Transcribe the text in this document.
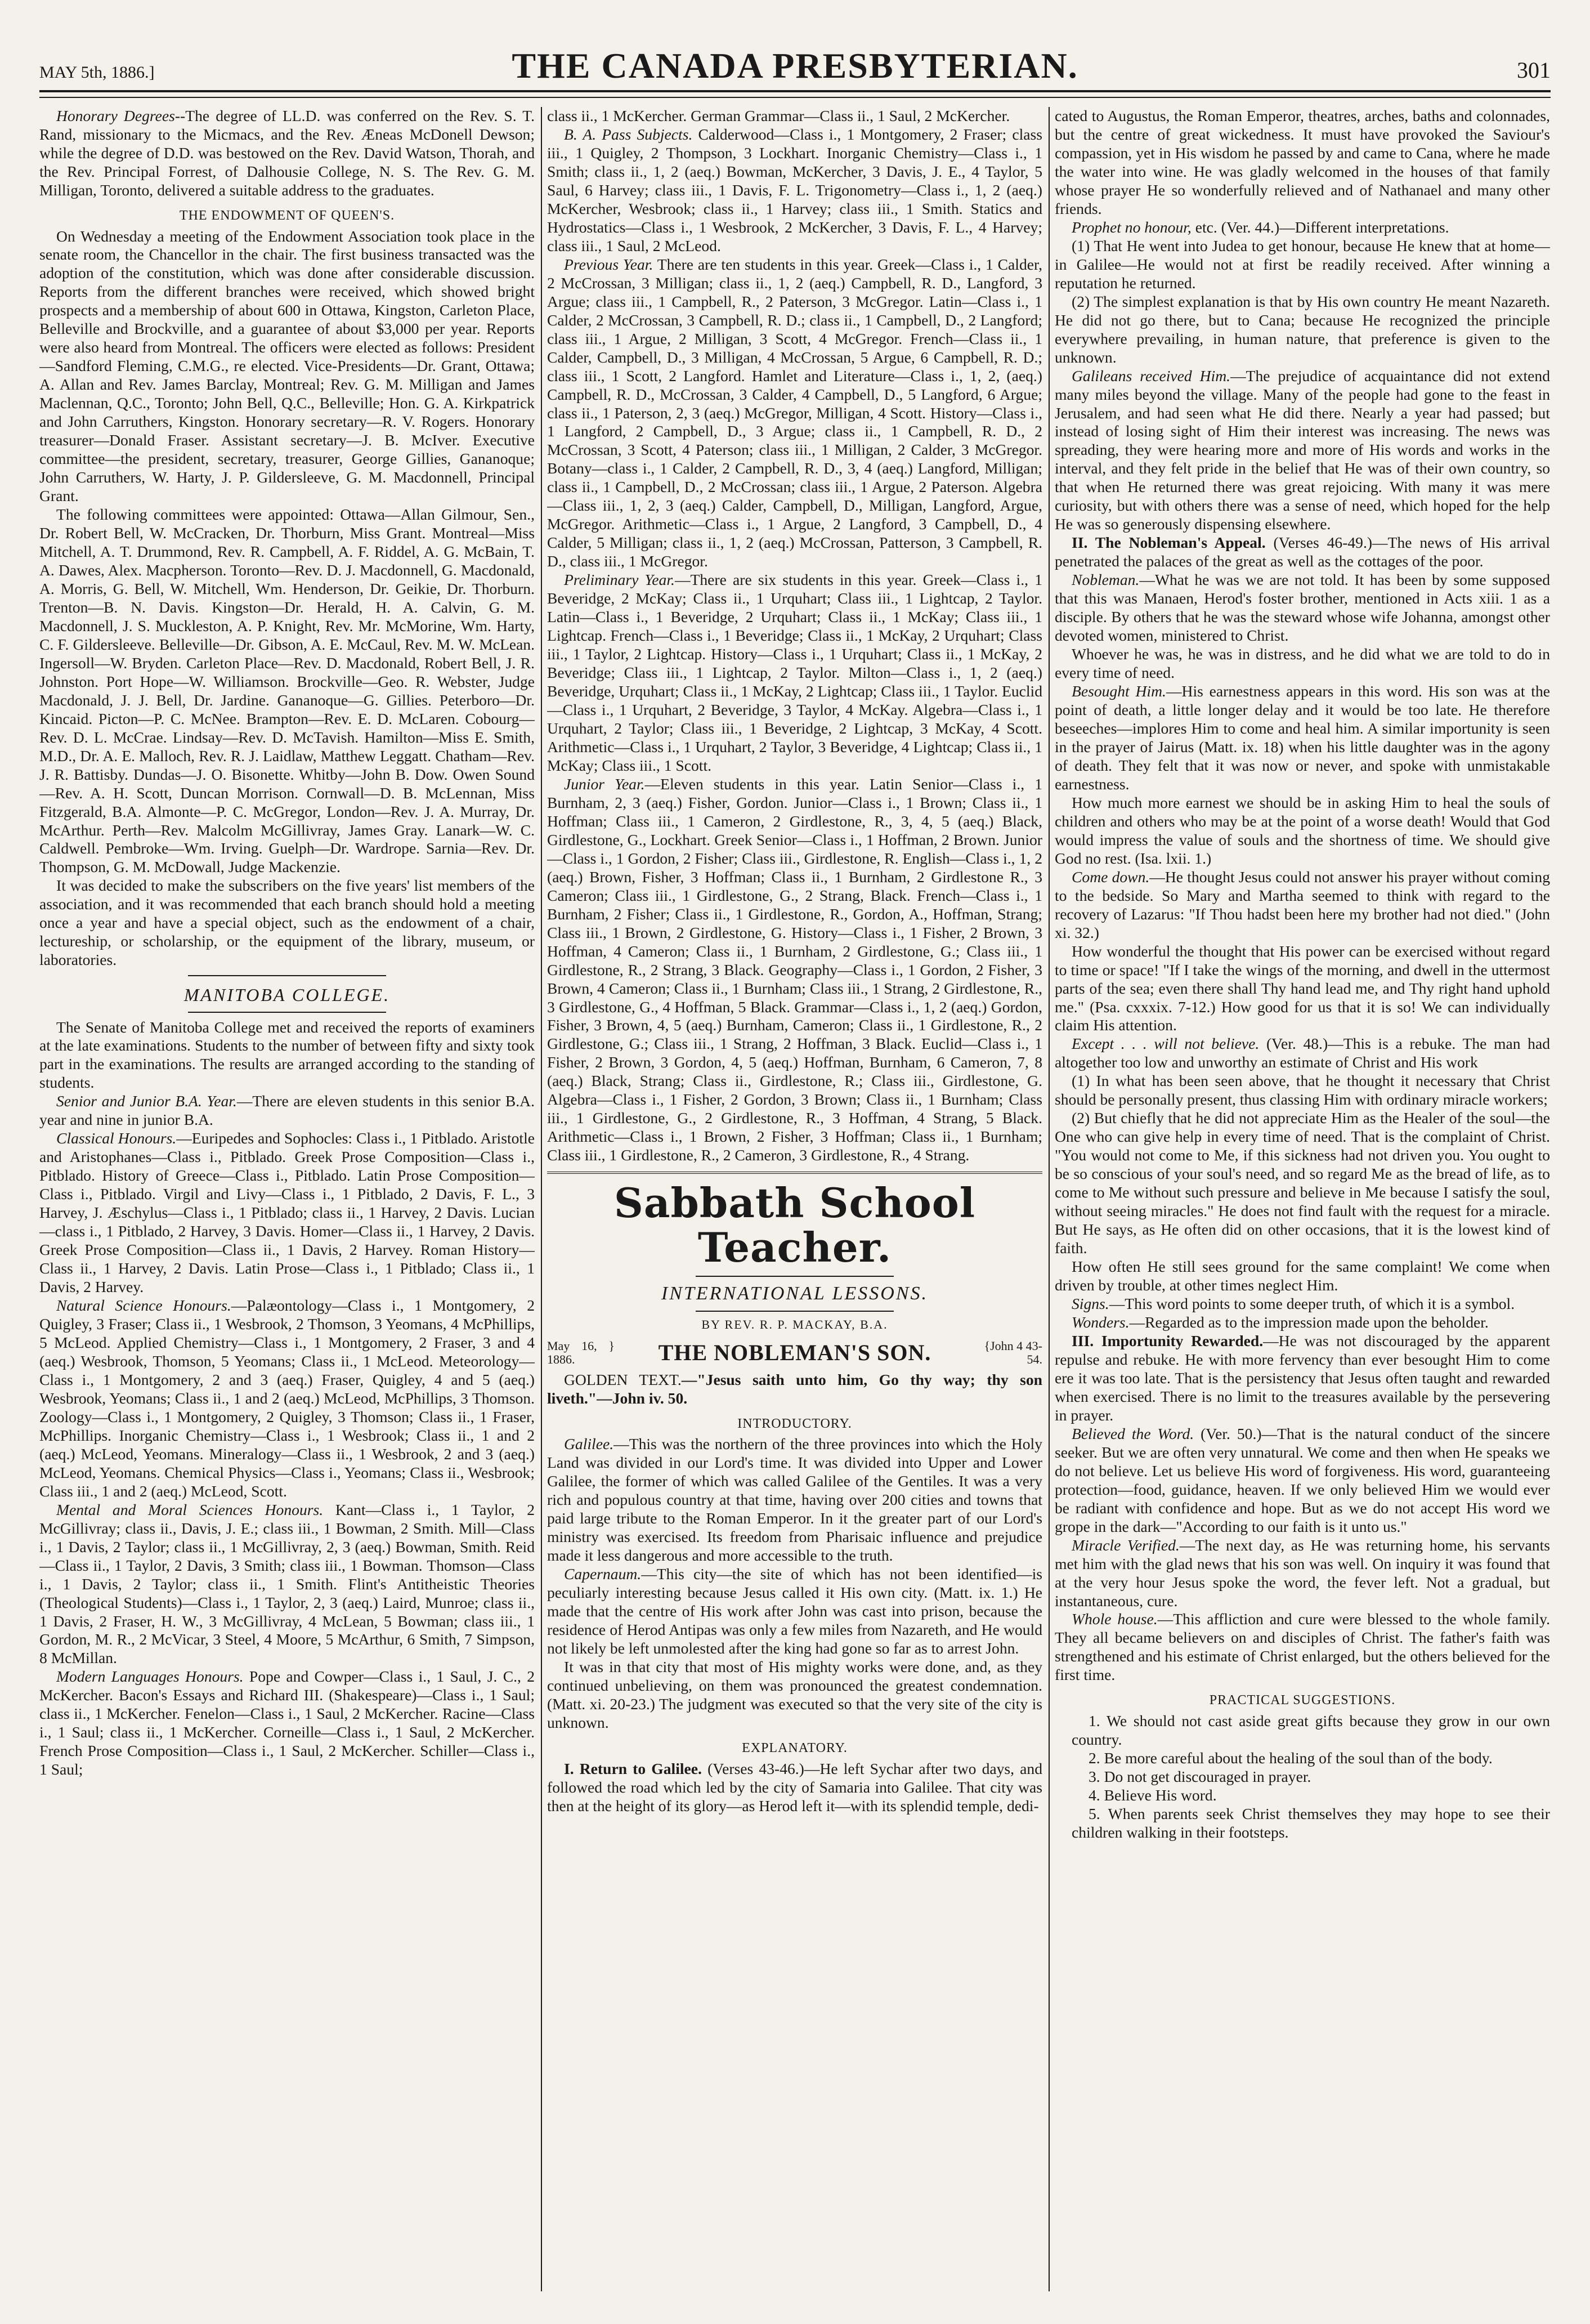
MAY 5th, 1886.]	THE CANADA PRESBYTERIAN.	301

Honorary Degrees--The degree of LL.D. was conferred on the Rev. S. T. Rand, missionary to the Micmacs, and the Rev. Æneas McDonell Dewson; while the degree of D.D. was bestowed on the Rev. David Watson, Thorah, and the Rev. Principal Forrest, of Dalhousie College, N. S. The Rev. G. M. Milligan, Toronto, delivered a suitable address to the graduates.

THE ENDOWMENT OF QUEEN'S.

On Wednesday a meeting of the Endowment Association took place in the senate room, the Chancellor in the chair. The first business transacted was the adoption of the constitution, which was done after considerable discussion. Reports from the different branches were received, which showed bright prospects and a membership of about 600 in Ottawa, Kingston, Carleton Place, Belleville and Brockville, and a guarantee of about $3,000 per year. Reports were also heard from Montreal. The officers were elected as follows: President—Sandford Fleming, C.M.G., re elected. Vice-Presidents—Dr. Grant, Ottawa; A. Allan and Rev. James Barclay, Montreal; Rev. G. M. Milligan and James Maclennan, Q.C., Toronto; John Bell, Q.C., Belleville; Hon. G. A. Kirkpatrick and John Carruthers, Kingston. Honorary secretary—R. V. Rogers. Honorary treasurer—Donald Fraser. Assistant secretary—J. B. McIver. Executive committee—the president, secretary, treasurer, George Gillies, Gananoque; John Carruthers, W. Harty, J. P. Gildersleeve, G. M. Macdonnell, Principal Grant.

The following committees were appointed: Ottawa—Allan Gilmour, Sen., Dr. Robert Bell, W. McCracken, Dr. Thorburn, Miss Grant. Montreal—Miss Mitchell, A. T. Drummond, Rev. R. Campbell, A. F. Riddel, A. G. McBain, T. A. Dawes, Alex. Macpherson. Toronto—Rev. D. J. Macdonnell, G. Macdonald, A. Morris, G. Bell, W. Mitchell, Wm. Henderson, Dr. Geikie, Dr. Thorburn. Trenton—B. N. Davis. Kingston—Dr. Herald, H. A. Calvin, G. M. Macdonnell, J. S. Muckleston, A. P. Knight, Rev. Mr. McMorine, Wm. Harty, C. F. Gildersleeve. Belleville—Dr. Gibson, A. E. McCaul, Rev. M. W. McLean. Ingersoll—W. Bryden. Carleton Place—Rev. D. Macdonald, Robert Bell, J. R. Johnston. Port Hope—W. Williamson. Brockville—Geo. R. Webster, Judge Macdonald, J. J. Bell, Dr. Jardine. Gananoque—G. Gillies. Peterboro—Dr. Kincaid. Picton—P. C. McNee. Brampton—Rev. E. D. McLaren. Cobourg—Rev. D. L. McCrae. Lindsay—Rev. D. McTavish. Hamilton—Miss E. Smith, M.D., Dr. A. E. Malloch, Rev. R. J. Laidlaw, Matthew Leggatt. Chatham—Rev. J. R. Battisby. Dundas—J. O. Bisonette. Whitby—John B. Dow. Owen Sound—Rev. A. H. Scott, Duncan Morrison. Cornwall—D. B. McLennan, Miss Fitzgerald, B.A. Almonte—P. C. McGregor, London—Rev. J. A. Murray, Dr. McArthur. Perth—Rev. Malcolm McGillivray, James Gray. Lanark—W. C. Caldwell. Pembroke—Wm. Irving. Guelph—Dr. Wardrope. Sarnia—Rev. Dr. Thompson, G. M. McDowall, Judge Mackenzie.

It was decided to make the subscribers on the five years' list members of the association, and it was recommended that each branch should hold a meeting once a year and have a special object, such as the endowment of a chair, lectureship, or scholarship, or the equipment of the library, museum, or laboratories.

MANITOBA COLLEGE.

The Senate of Manitoba College met and received the reports of examiners at the late examinations. Students to the number of between fifty and sixty took part in the examinations. The results are arranged according to the standing of students.

Senior and Junior B.A. Year.—There are eleven students in this senior B.A. year and nine in junior B.A.

Classical Honours.—Euripedes and Sophocles: Class i., 1 Pitblado. Aristotle and Aristophanes—Class i., Pitblado. Greek Prose Composition—Class i., Pitblado. History of Greece—Class i., Pitblado. Latin Prose Composition—Class i., Pitblado. Virgil and Livy—Class i., 1 Pitblado, 2 Davis, F. L., 3 Harvey, J. Æschylus—Class i., 1 Pitblado; class ii., 1 Harvey, 2 Davis. Lucian—class i., 1 Pitblado, 2 Harvey, 3 Davis. Homer—Class ii., 1 Harvey, 2 Davis. Greek Prose Composition—Class ii., 1 Davis, 2 Harvey. Roman History—Class ii., 1 Harvey, 2 Davis. Latin Prose—Class i., 1 Pitblado; Class ii., 1 Davis, 2 Harvey.

Natural Science Honours.—Palæontology—Class i., 1 Montgomery, 2 Quigley, 3 Fraser; Class ii., 1 Wesbrook, 2 Thomson, 3 Yeomans, 4 McPhillips, 5 McLeod. Applied Chemistry—Class i., 1 Montgomery, 2 Fraser, 3 and 4 (aeq.) Wesbrook, Thomson, 5 Yeomans; Class ii., 1 McLeod. Meteorology—Class i., 1 Montgomery, 2 and 3 (aeq.) Fraser, Quigley, 4 and 5 (aeq.) Wesbrook, Yeomans; Class ii., 1 and 2 (aeq.) McLeod, McPhillips, 3 Thomson. Zoology—Class i., 1 Montgomery, 2 Quigley, 3 Thomson; Class ii., 1 Fraser, McPhillips. Inorganic Chemistry—Class i., 1 Wesbrook; Class ii., 1 and 2 (aeq.) McLeod, Yeomans. Mineralogy—Class ii., 1 Wesbrook, 2 and 3 (aeq.) McLeod, Yeomans. Chemical Physics—Class i., Yeomans; Class ii., Wesbrook; Class iii., 1 and 2 (aeq.) McLeod, Scott.

Mental and Moral Sciences Honours. Kant—Class i., 1 Taylor, 2 McGillivray; class ii., Davis, J. E.; class iii., 1 Bowman, 2 Smith. Mill—Class i., 1 Davis, 2 Taylor; class ii., 1 McGillivray, 2, 3 (aeq.) Bowman, Smith. Reid—Class ii., 1 Taylor, 2 Davis, 3 Smith; class iii., 1 Bowman. Thomson—Class i., 1 Davis, 2 Taylor; class ii., 1 Smith. Flint's Antitheistic Theories (Theological Students)—Class i., 1 Taylor, 2, 3 (aeq.) Laird, Munroe; class ii., 1 Davis, 2 Fraser, H. W., 3 McGillivray, 4 McLean, 5 Bowman; class iii., 1 Gordon, M. R., 2 McVicar, 3 Steel, 4 Moore, 5 McArthur, 6 Smith, 7 Simpson, 8 McMillan.

Modern Languages Honours. Pope and Cowper—Class i., 1 Saul, J. C., 2 McKercher. Bacon's Essays and Richard III. (Shakespeare)—Class i., 1 Saul; class ii., 1 McKercher. Fenelon—Class i., 1 Saul, 2 McKercher. Racine—Class i., 1 Saul; class ii., 1 McKercher. Corneille—Class i., 1 Saul, 2 McKercher. French Prose Composition—Class i., 1 Saul, 2 McKercher. Schiller—Class i., 1 Saul;

class ii., 1 McKercher. German Grammar—Class ii., 1 Saul, 2 McKercher.

B. A. Pass Subjects. Calderwood—Class i., 1 Montgomery, 2 Fraser; class iii., 1 Quigley, 2 Thompson, 3 Lockhart. Inorganic Chemistry—Class i., 1 Smith; class ii., 1, 2 (aeq.) Bowman, McKercher, 3 Davis, J. E., 4 Taylor, 5 Saul, 6 Harvey; class iii., 1 Davis, F. L. Trigonometry—Class i., 1, 2 (aeq.) McKercher, Wesbrook; class ii., 1 Harvey; class iii., 1 Smith. Statics and Hydrostatics—Class i., 1 Wesbrook, 2 McKercher, 3 Davis, F. L., 4 Harvey; class iii., 1 Saul, 2 McLeod.

Previous Year. There are ten students in this year. Greek—Class i., 1 Calder, 2 McCrossan, 3 Milligan; class ii., 1, 2 (aeq.) Campbell, R. D., Langford, 3 Argue; class iii., 1 Campbell, R., 2 Paterson, 3 McGregor. Latin—Class i., 1 Calder, 2 McCrossan, 3 Campbell, R. D.; class ii., 1 Campbell, D., 2 Langford; class iii., 1 Argue, 2 Milligan, 3 Scott, 4 McGregor. French—Class ii., 1 Calder, Campbell, D., 3 Milligan, 4 McCrossan, 5 Argue, 6 Campbell, R. D.; class iii., 1 Scott, 2 Langford. Hamlet and Literature—Class i., 1, 2, (aeq.) Campbell, R. D., McCrossan, 3 Calder, 4 Campbell, D., 5 Langford, 6 Argue; class ii., 1 Paterson, 2, 3 (aeq.) McGregor, Milligan, 4 Scott. History—Class i., 1 Langford, 2 Campbell, D., 3 Argue; class ii., 1 Campbell, R. D., 2 McCrossan, 3 Scott, 4 Paterson; class iii., 1 Milligan, 2 Calder, 3 McGregor. Botany—class i., 1 Calder, 2 Campbell, R. D., 3, 4 (aeq.) Langford, Milligan; class ii., 1 Campbell, D., 2 McCrossan; class iii., 1 Argue, 2 Paterson. Algebra—Class iii., 1, 2, 3 (aeq.) Calder, Campbell, D., Milligan, Langford, Argue, McGregor. Arithmetic—Class i., 1 Argue, 2 Langford, 3 Campbell, D., 4 Calder, 5 Milligan; class ii., 1, 2 (aeq.) McCrossan, Patterson, 3 Campbell, R. D., class iii., 1 McGregor.

Preliminary Year.—There are six students in this year. Greek—Class i., 1 Beveridge, 2 McKay; Class ii., 1 Urquhart; Class iii., 1 Lightcap, 2 Taylor. Latin—Class i., 1 Beveridge, 2 Urquhart; Class ii., 1 McKay; Class iii., 1 Lightcap. French—Class i., 1 Beveridge; Class ii., 1 McKay, 2 Urquhart; Class iii., 1 Taylor, 2 Lightcap. History—Class i., 1 Urquhart; Class ii., 1 McKay, 2 Beveridge; Class iii., 1 Lightcap, 2 Taylor. Milton—Class i., 1, 2 (aeq.) Beveridge, Urquhart; Class ii., 1 McKay, 2 Lightcap; Class iii., 1 Taylor. Euclid—Class i., 1 Urquhart, 2 Beveridge, 3 Taylor, 4 McKay. Algebra—Class i., 1 Urquhart, 2 Taylor; Class iii., 1 Beveridge, 2 Lightcap, 3 McKay, 4 Scott. Arithmetic—Class i., 1 Urquhart, 2 Taylor, 3 Beveridge, 4 Lightcap; Class ii., 1 McKay; Class iii., 1 Scott.

Junior Year.—Eleven students in this year. Latin Senior—Class i., 1 Burnham, 2, 3 (aeq.) Fisher, Gordon. Junior—Class i., 1 Brown; Class ii., 1 Hoffman; Class iii., 1 Cameron, 2 Girdlestone, R., 3, 4, 5 (aeq.) Black, Girdlestone, G., Lockhart. Greek Senior—Class i., 1 Hoffman, 2 Brown. Junior—Class i., 1 Gordon, 2 Fisher; Class iii., Girdlestone, R. English—Class i., 1, 2 (aeq.) Brown, Fisher, 3 Hoffman; Class ii., 1 Burnham, 2 Girdlestone R., 3 Cameron; Class iii., 1 Girdlestone, G., 2 Strang, Black. French—Class i., 1 Burnham, 2 Fisher; Class ii., 1 Girdlestone, R., Gordon, A., Hoffman, Strang; Class iii., 1 Brown, 2 Girdlestone, G. History—Class i., 1 Fisher, 2 Brown, 3 Hoffman, 4 Cameron; Class ii., 1 Burnham, 2 Girdlestone, G.; Class iii., 1 Girdlestone, R., 2 Strang, 3 Black. Geography—Class i., 1 Gordon, 2 Fisher, 3 Brown, 4 Cameron; Class ii., 1 Burnham; Class iii., 1 Strang, 2 Girdlestone, R., 3 Girdlestone, G., 4 Hoffman, 5 Black. Grammar—Class i., 1, 2 (aeq.) Gordon, Fisher, 3 Brown, 4, 5 (aeq.) Burnham, Cameron; Class ii., 1 Girdlestone, R., 2 Girdlestone, G.; Class iii., 1 Strang, 2 Hoffman, 3 Black. Euclid—Class i., 1 Fisher, 2 Brown, 3 Gordon, 4, 5 (aeq.) Hoffman, Burnham, 6 Cameron, 7, 8 (aeq.) Black, Strang; Class ii., Girdlestone, R.; Class iii., Girdlestone, G. Algebra—Class i., 1 Fisher, 2 Gordon, 3 Brown; Class ii., 1 Burnham; Class iii., 1 Girdlestone, G., 2 Girdlestone, R., 3 Hoffman, 4 Strang, 5 Black. Arithmetic—Class i., 1 Brown, 2 Fisher, 3 Hoffman; Class ii., 1 Burnham; Class iii., 1 Girdlestone, R., 2 Cameron, 3 Girdlestone, R., 4 Strang.

Sabbath School Teacher.
INTERNATIONAL LESSONS.
BY REV. R. P. MACKAY, B.A.
May 16, } 1886.	THE NOBLEMAN'S SON.	{John 4 43-54.

GOLDEN TEXT.—"Jesus saith unto him, Go thy way; thy son liveth."—John iv. 50.

INTRODUCTORY.

Galilee.—This was the northern of the three provinces into which the Holy Land was divided in our Lord's time. It was divided into Upper and Lower Galilee, the former of which was called Galilee of the Gentiles. It was a very rich and populous country at that time, having over 200 cities and towns that paid large tribute to the Roman Emperor. In it the greater part of our Lord's ministry was exercised. Its freedom from Pharisaic influence and prejudice made it less dangerous and more accessible to the truth.

Capernaum.—This city—the site of which has not been identified—is peculiarly interesting because Jesus called it His own city. (Matt. ix. 1.) He made that the centre of His work after John was cast into prison, because the residence of Herod Antipas was only a few miles from Nazareth, and He would not likely be left unmolested after the king had gone so far as to arrest John.

It was in that city that most of His mighty works were done, and, as they continued unbelieving, on them was pronounced the greatest condemnation. (Matt. xi. 20-23.) The judgment was executed so that the very site of the city is unknown.

EXPLANATORY.

I. Return to Galilee. (Verses 43-46.)—He left Sychar after two days, and followed the road which led by the city of Samaria into Galilee. That city was then at the height of its glory—as Herod left it—with its splendid temple, dedi-

cated to Augustus, the Roman Emperor, theatres, arches, baths and colonnades, but the centre of great wickedness. It must have provoked the Saviour's compassion, yet in His wisdom he passed by and came to Cana, where he made the water into wine. He was gladly welcomed in the houses of that family whose prayer He so wonderfully relieved and of Nathanael and many other friends.

Prophet no honour, etc. (Ver. 44.)—Different interpretations.

(1) That He went into Judea to get honour, because He knew that at home—in Galilee—He would not at first be readily received. After winning a reputation he returned.

(2) The simplest explanation is that by His own country He meant Nazareth. He did not go there, but to Cana; because He recognized the principle everywhere prevailing, in human nature, that preference is given to the unknown.

Galileans received Him.—The prejudice of acquaintance did not extend many miles beyond the village. Many of the people had gone to the feast in Jerusalem, and had seen what He did there. Nearly a year had passed; but instead of losing sight of Him their interest was increasing. The news was spreading, they were hearing more and more of His words and works in the interval, and they felt pride in the belief that He was of their own country, so that when He returned there was great rejoicing. With many it was mere curiosity, but with others there was a sense of need, which hoped for the help He was so generously dispensing elsewhere.

II. The Nobleman's Appeal. (Verses 46-49.)—The news of His arrival penetrated the palaces of the great as well as the cottages of the poor.

Nobleman.—What he was we are not told. It has been by some supposed that this was Manaen, Herod's foster brother, mentioned in Acts xiii. 1 as a disciple. By others that he was the steward whose wife Johanna, amongst other devoted women, ministered to Christ.

Whoever he was, he was in distress, and he did what we are told to do in every time of need.

Besought Him.—His earnestness appears in this word. His son was at the point of death, a little longer delay and it would be too late. He therefore beseeches—implores Him to come and heal him. A similar importunity is seen in the prayer of Jairus (Matt. ix. 18) when his little daughter was in the agony of death. They felt that it was now or never, and spoke with unmistakable earnestness.

How much more earnest we should be in asking Him to heal the souls of children and others who may be at the point of a worse death! Would that God would impress the value of souls and the shortness of time. We should give God no rest. (Isa. lxii. 1.)

Come down.—He thought Jesus could not answer his prayer without coming to the bedside. So Mary and Martha seemed to think with regard to the recovery of Lazarus: "If Thou hadst been here my brother had not died." (John xi. 32.)

How wonderful the thought that His power can be exercised without regard to time or space! "If I take the wings of the morning, and dwell in the uttermost parts of the sea; even there shall Thy hand lead me, and Thy right hand uphold me." (Psa. cxxxix. 7-12.) How good for us that it is so! We can individually claim His attention.

Except . . . will not believe. (Ver. 48.)—This is a rebuke. The man had altogether too low and unworthy an estimate of Christ and His work

(1) In what has been seen above, that he thought it necessary that Christ should be personally present, thus classing Him with ordinary miracle workers;

(2) But chiefly that he did not appreciate Him as the Healer of the soul—the One who can give help in every time of need. That is the complaint of Christ. "You would not come to Me, if this sickness had not driven you. You ought to be so conscious of your soul's need, and so regard Me as the bread of life, as to come to Me without such pressure and believe in Me because I satisfy the soul, without seeing miracles." He does not find fault with the request for a miracle. But He says, as He often did on other occasions, that it is the lowest kind of faith.

How often He still sees ground for the same complaint! We come when driven by trouble, at other times neglect Him.

Signs.—This word points to some deeper truth, of which it is a symbol.

Wonders.—Regarded as to the impression made upon the beholder.

III. Importunity Rewarded.—He was not discouraged by the apparent repulse and rebuke. He with more fervency than ever besought Him to come ere it was too late. That is the persistency that Jesus often taught and rewarded when exercised. There is no limit to the treasures available by the persevering in prayer.

Believed the Word. (Ver. 50.)—That is the natural conduct of the sincere seeker. But we are often very unnatural. We come and then when He speaks we do not believe. Let us believe His word of forgiveness. His word, guaranteeing protection—food, guidance, heaven. If we only believed Him we would ever be radiant with confidence and hope. But as we do not accept His word we grope in the dark—"According to our faith is it unto us."

Miracle Verified.—The next day, as He was returning home, his servants met him with the glad news that his son was well. On inquiry it was found that at the very hour Jesus spoke the word, the fever left. Not a gradual, but instantaneous, cure.

Whole house.—This affliction and cure were blessed to the whole family. They all became believers on and disciples of Christ. The father's faith was strengthened and his estimate of Christ enlarged, but the others believed for the first time.

PRACTICAL SUGGESTIONS.

1. We should not cast aside great gifts because they grow in our own country.

2. Be more careful about the healing of the soul than of the body.

3. Do not get discouraged in prayer.

4. Believe His word.

5. When parents seek Christ themselves they may hope to see their children walking in their footsteps.
